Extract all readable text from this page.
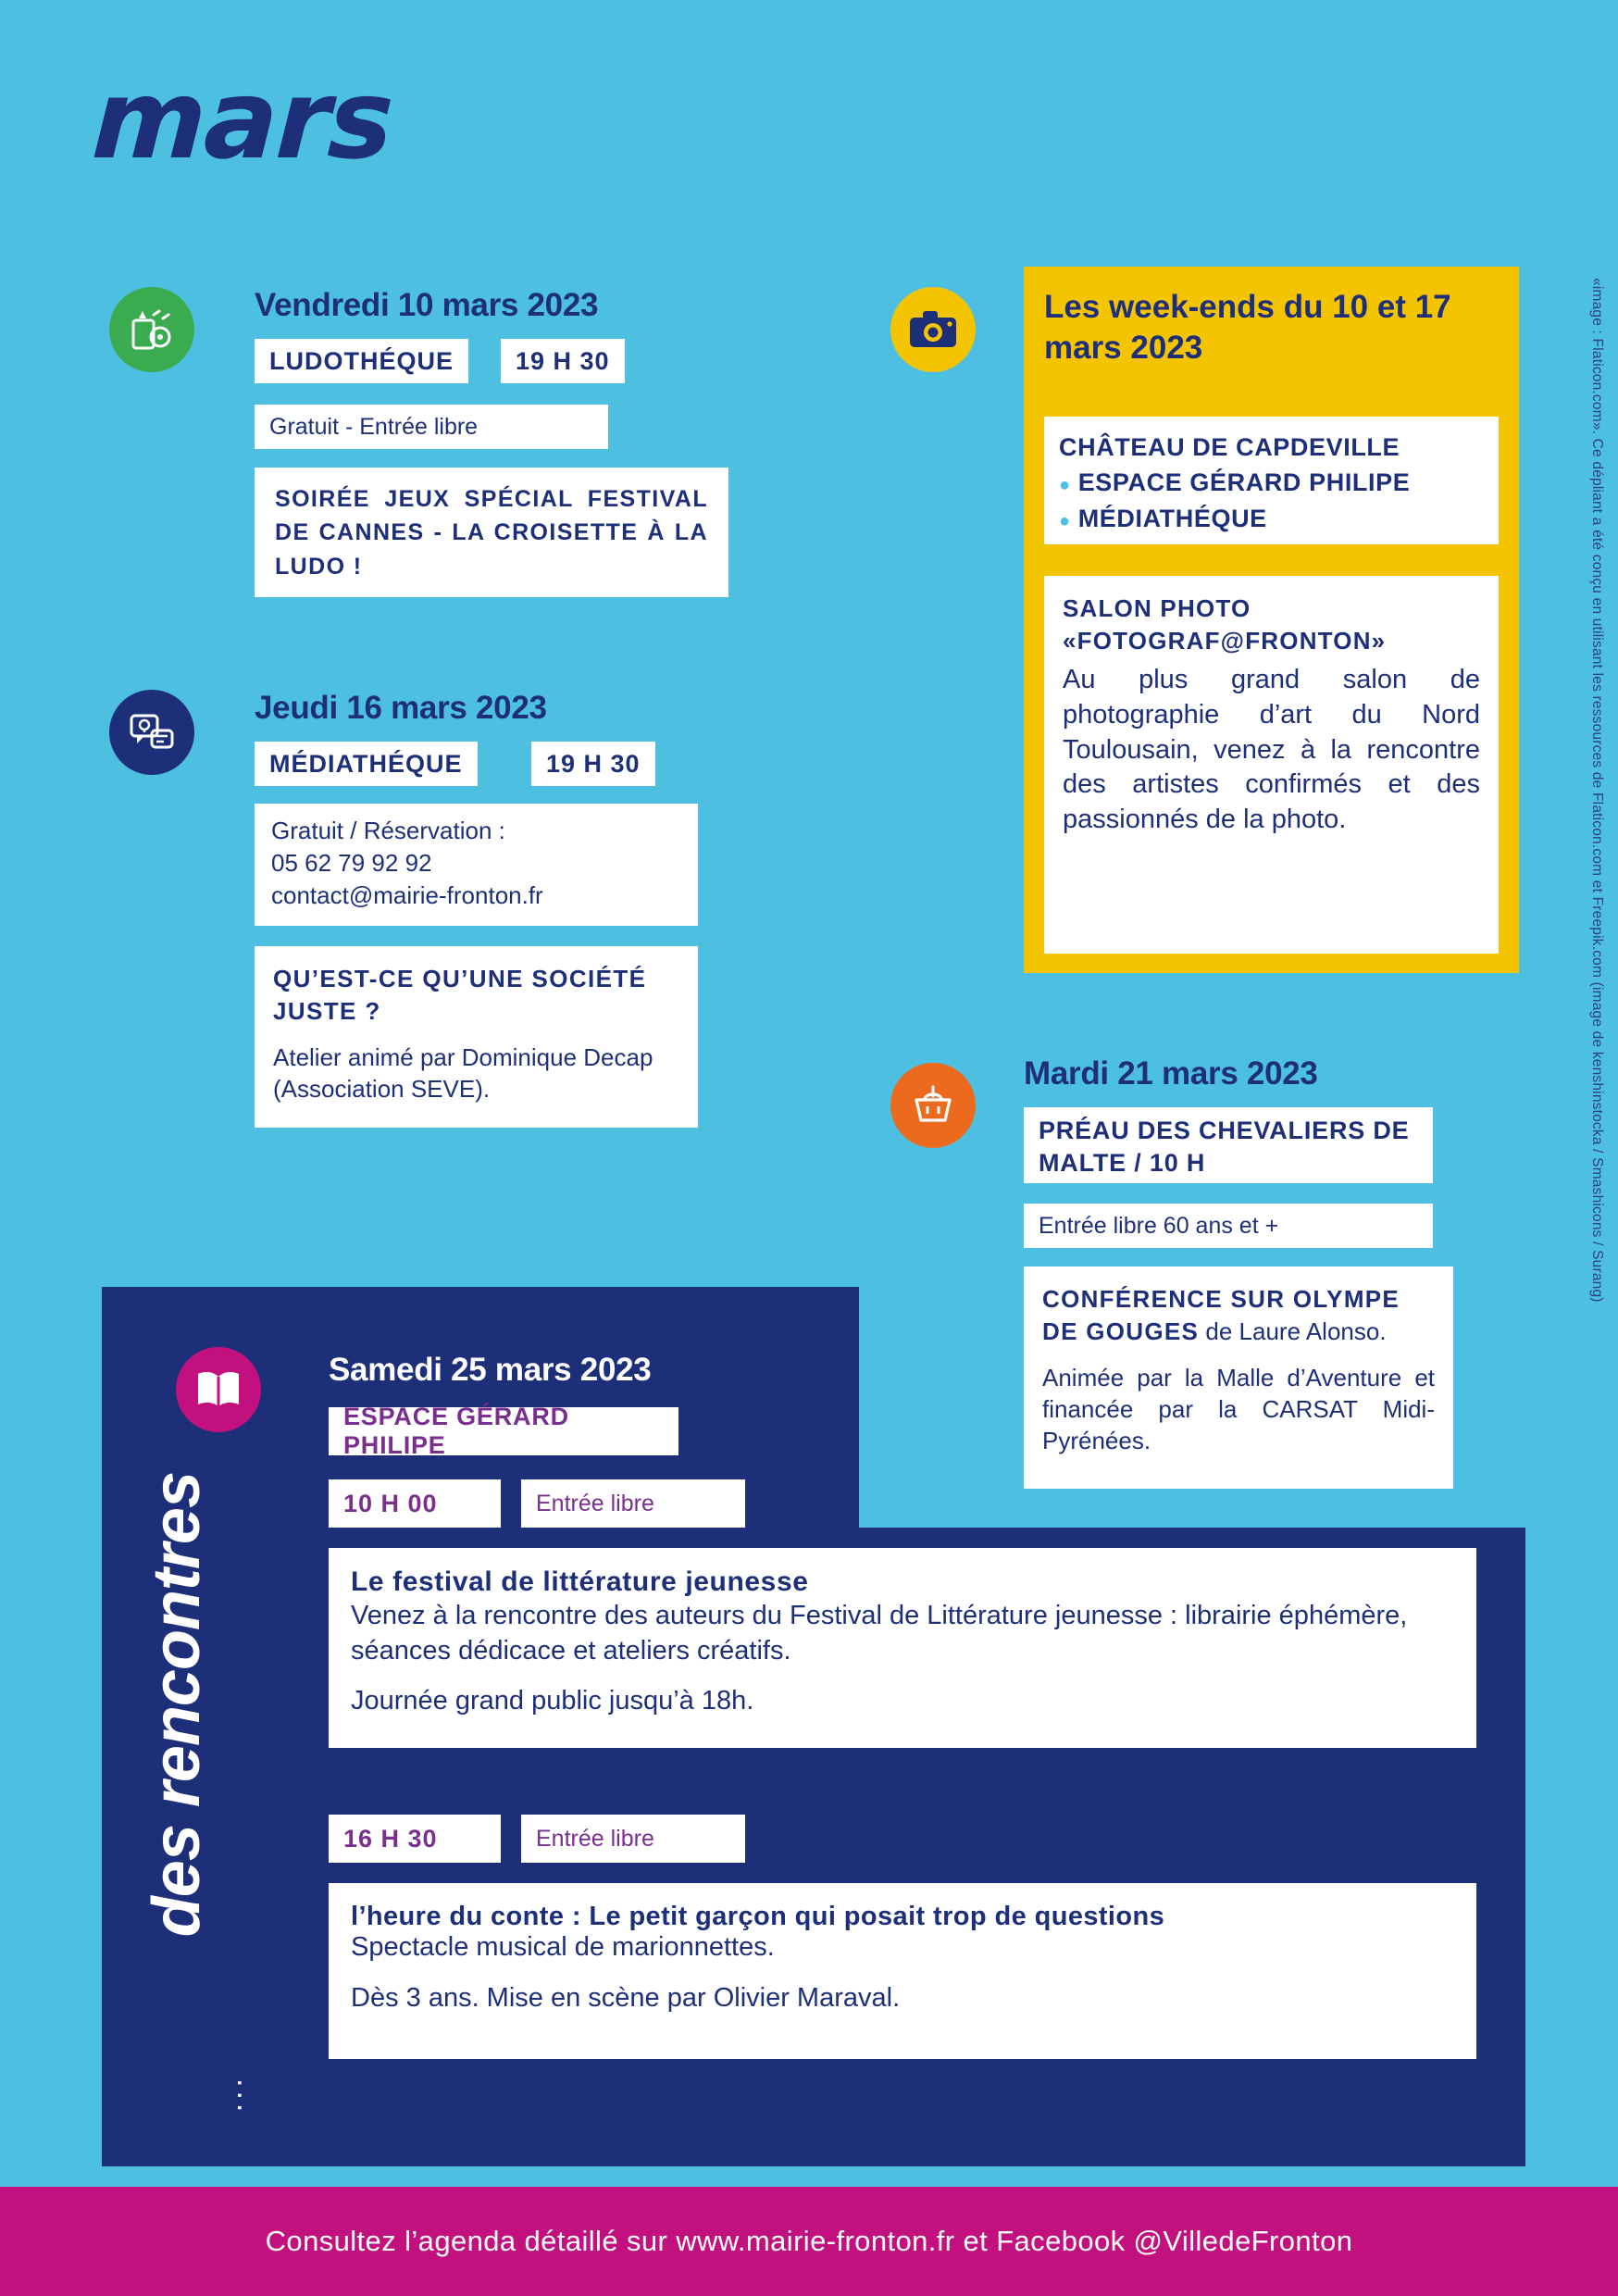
mars
«image : Flaticon.com». Ce dépliant a été conçu en utilisant les ressources de Flaticon.com et Freepik.com (image de kenshinstocka / Smashicons / Surang)
Vendredi 10 mars 2023
LUDOTHÉQUE	19 H 30
Gratuit - Entrée libre
SOIRÉE JEUX SPÉCIAL FESTIVAL DE CANNES - LA CROISETTE À LA LUDO !
Jeudi 16 mars 2023
MÉDIATHÉQUE	19 H 30
Gratuit / Réservation :
05 62 79 92 92
contact@mairie-fronton.fr
QU’EST-CE QU’UNE SOCIÉTÉ JUSTE ?
Atelier animé par Dominique Decap (Association SEVE).
Les week-ends du 10 et 17 mars 2023
CHÂTEAU DE CAPDEVILLE
● ESPACE GÉRARD PHILIPE
● MÉDIATHÉQUE
SALON PHOTO «FOTOGRAF@FRONTON»
Au plus grand salon de photographie d’art du Nord Toulousain, venez à la rencontre des artistes confirmés et des passionnés de la photo.
Mardi 21 mars 2023
PRÉAU DES CHEVALIERS DE MALTE / 10 H
Entrée libre 60 ans et +
CONFÉRENCE SUR OLYMPE DE GOUGES de Laure Alonso.
Animée par la Malle d’Aventure et financée par la CARSAT Midi-Pyrénées.
des rencontres
...
Samedi 25 mars 2023
ESPACE GÉRARD PHILIPE
10 H 00	Entrée libre
Le festival de littérature jeunesse
Venez à la rencontre des auteurs du Festival de Littérature jeunesse : librairie éphémère, séances dédicace et ateliers créatifs.
Journée grand public jusqu’à 18h.
16 H 30	Entrée libre
l’heure du conte : Le petit garçon qui posait trop de questions
Spectacle musical de marionnettes.
Dès 3 ans. Mise en scène par Olivier Maraval.
Consultez l’agenda détaillé sur www.mairie-fronton.fr et Facebook @VilledeFronton
